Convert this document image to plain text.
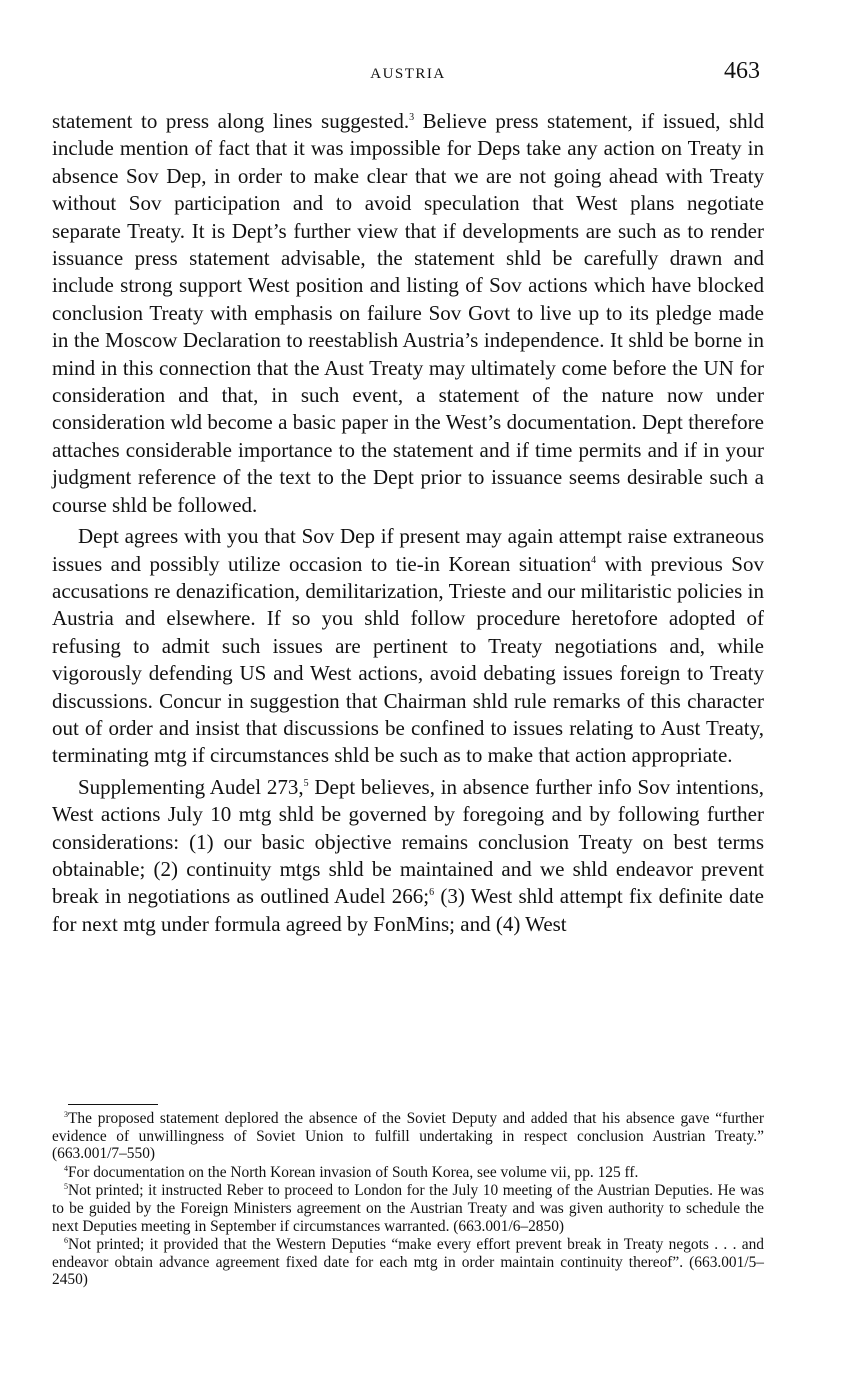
AUSTRIA	463

statement to press along lines suggested.$^3$ Believe press statement, if issued, shld include mention of fact that it was impossible for Deps take any action on Treaty in absence Sov Dep, in order to make clear that we are not going ahead with Treaty without Sov participation and to avoid speculation that West plans negotiate separate Treaty. It is Dept’s further view that if developments are such as to render issuance press statement advisable, the statement shld be carefully drawn and include strong support West position and listing of Sov actions which have blocked conclusion Treaty with emphasis on failure Sov Govt to live up to its pledge made in the Moscow Declaration to reestablish Austria’s independence. It shld be borne in mind in this connection that the Aust Treaty may ultimately come before the UN for consideration and that, in such event, a statement of the nature now under consideration wld become a basic paper in the West’s documentation. Dept therefore attaches considerable importance to the statement and if time permits and if in your judgment reference of the text to the Dept prior to issuance seems desirable such a course shld be followed.

Dept agrees with you that Sov Dep if present may again attempt raise extraneous issues and possibly utilize occasion to tie-in Korean situation$^4$ with previous Sov accusations re denazification, demilitarization, Trieste and our militaristic policies in Austria and elsewhere. If so you shld follow procedure heretofore adopted of refusing to admit such issues are pertinent to Treaty negotiations and, while vigorously defending US and West actions, avoid debating issues foreign to Treaty discussions. Concur in suggestion that Chairman shld rule remarks of this character out of order and insist that discussions be confined to issues relating to Aust Treaty, terminating mtg if circumstances shld be such as to make that action appropriate.

Supplementing Audel 273,$^5$ Dept believes, in absence further info Sov intentions, West actions July 10 mtg shld be governed by foregoing and by following further considerations: (1) our basic objective remains conclusion Treaty on best terms obtainable; (2) continuity mtgs shld be maintained and we shld endeavor prevent break in negotiations as outlined Audel 266;$^6$ (3) West shld attempt fix definite date for next mtg under formula agreed by FonMins; and (4) West

$^3$The proposed statement deplored the absence of the Soviet Deputy and added that his absence gave “further evidence of unwillingness of Soviet Union to fulfill undertaking in respect conclusion Austrian Treaty.” (663.001/7–550)

$^4$For documentation on the North Korean invasion of South Korea, see volume vii, pp. 125 ff.

$^5$Not printed; it instructed Reber to proceed to London for the July 10 meeting of the Austrian Deputies. He was to be guided by the Foreign Ministers agreement on the Austrian Treaty and was given authority to schedule the next Deputies meeting in September if circumstances warranted. (663.001/6–2850)

$^6$Not printed; it provided that the Western Deputies “make every effort prevent break in Treaty negots . . . and endeavor obtain advance agreement fixed date for each mtg in order maintain continuity thereof”. (663.001/5–2450)
